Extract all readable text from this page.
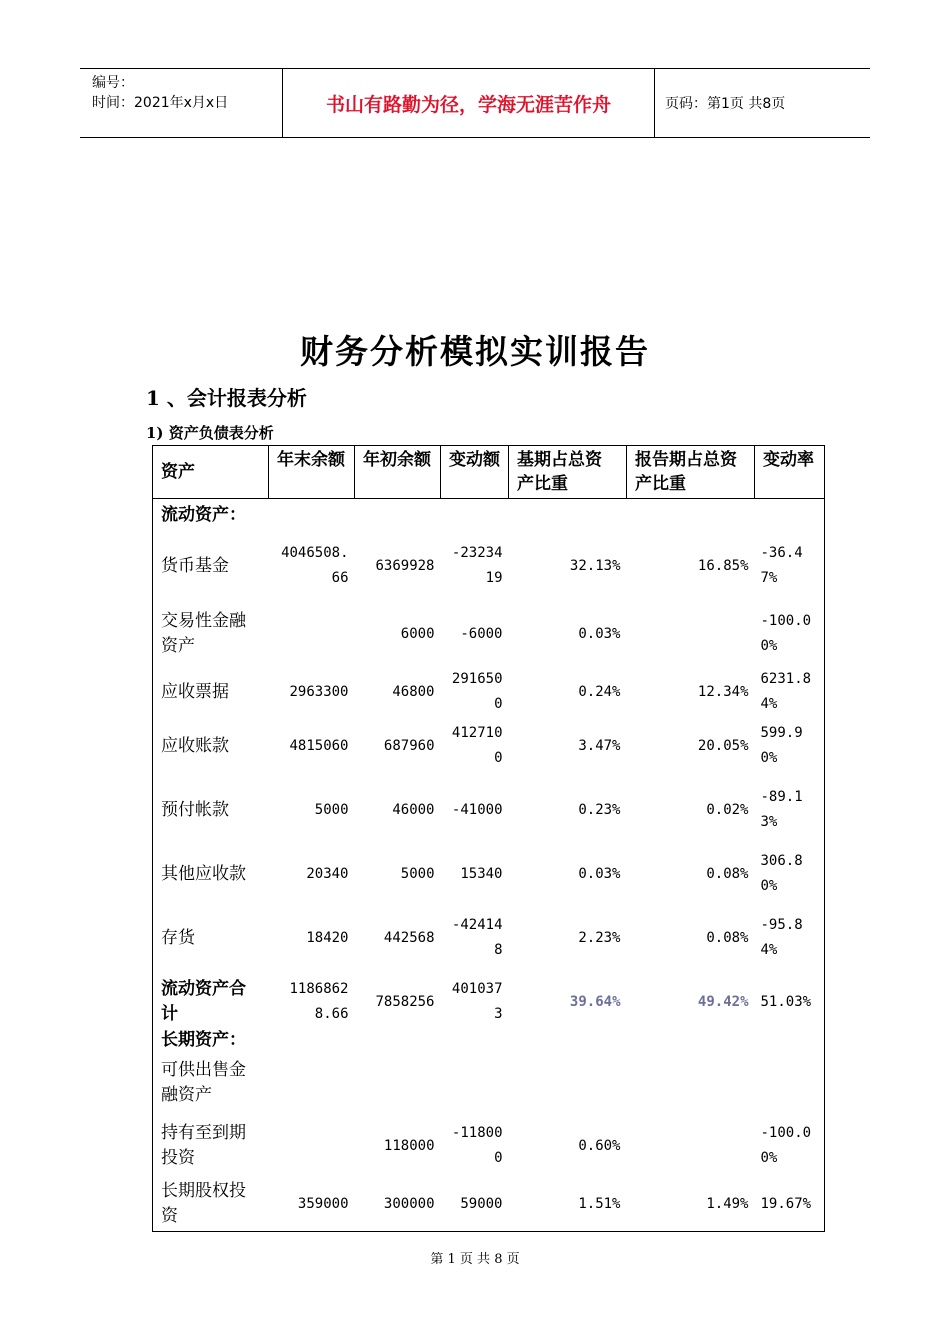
编号：
时间：2021年x月x日	书山有路勤为径，学海无涯苦作舟	页码：第1页 共8页
财务分析模拟实训报告
1 、会计报表分析
1) 资产负债表分析
资产	年末余额	年初余额	变动额	基期占总资产比重	报告期占总资产比重	变动率
流动资产：						
货币基金	4046508.66	6369928	-2323419	32.13%	16.85%	-36.47%
交易性金融资产		6000	-6000	0.03%		-100.00%
应收票据	2963300	46800	2916500	0.24%	12.34%	6231.84%
应收账款	4815060	687960	4127100	3.47%	20.05%	599.90%
预付帐款	5000	46000	-41000	0.23%	0.02%	-89.13%
其他应收款	20340	5000	15340	0.03%	0.08%	306.80%
存货	18420	442568	-424148	2.23%	0.08%	-95.84%
流动资产合计	11868628.66	7858256	4010373	39.64%	49.42%	51.03%
长期资产：						
可供出售金融资产						
持有至到期投资		118000	-118000	0.60%		-100.00%
长期股权投资	359000	300000	59000	1.51%	1.49%	19.67%
第 1 页 共 8 页
